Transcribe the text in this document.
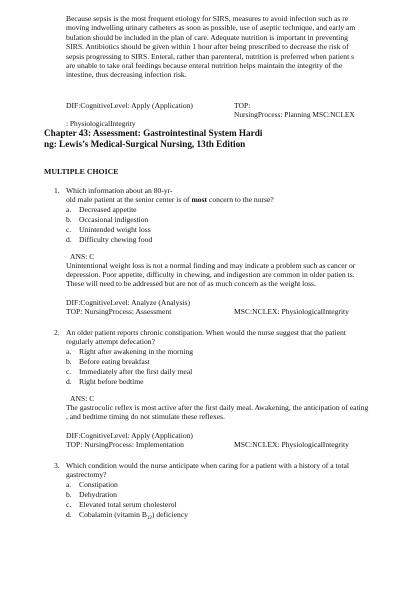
Because sepsis is the most frequent etiology for SIRS, measures to avoid infection such as re
moving indwelling urinary catheters as soon as possible, use of aseptic technique, and early am
bulation should be included in the plan of care. Adequate nutrition is important in preventing
SIRS. Antibiotics should be given within 1 hour after being prescribed to decrease the risk of
sepsis progressing to SIRS. Enteral, rather than parenteral, nutrition is preferred when patient s
are unable to take oral feedings because enteral nutrition helps maintain the integrity of the
intestine, thus decreasing infection risk.
DIF:CognitiveLevel: Apply (Application)	TOP:
NursingProcess: Planning MSC:NCLEX
: PhysiologicalIntegrity
Chapter 43: Assessment: Gastrointestinal System Hardi
ng: Lewis’s Medical-Surgical Nursing, 13th Edition
MULTIPLE CHOICE
1. Which information about an 80-yr-
old male patient at the senior center is of most concern to the nurse?
a. Decreased appetite
b. Occasional indigestion
c. Unintended weight loss
d. Difficulty chewing food
ANS: C
Unintentional weight loss is not a normal finding and may indicate a problem such as cancer or
depression. Poor appetite, difficulty in chewing, and indigestion are common in older patien ts.
These will need to be addressed but are not of as much concern as the weight loss.
DIF:CognitiveLevel: Analyze (Analysis)
TOP: NursingProcess: Assessment	MSC:NCLEX: PhysiologicalIntegrity
2. An older patient reports chronic constipation. When would the nurse suggest that the patient
regularly attempt defecation?
a. Right after awakening in the morning
b. Before eating breakfast
c. Immediately after the first daily meal
d. Right before bedtime
ANS: C
The gastrocolic reflex is most active after the first daily meal. Awakening, the anticipation of eating
, and bedtime timing do not stimulate these reflexes.
DIF:CognitiveLevel: Apply (Application)
TOP: NursingProcess: Implementation	MSC:NCLEX: PhysiologicalIntegrity
3. Which condition would the nurse anticipate when caring for a patient with a history of a total
gastrectomy?
a. Constipation
b. Dehydration
c. Elevated total serum cholesterol
d. Cobalamin (vitamin $B_{12}$) deficiency
